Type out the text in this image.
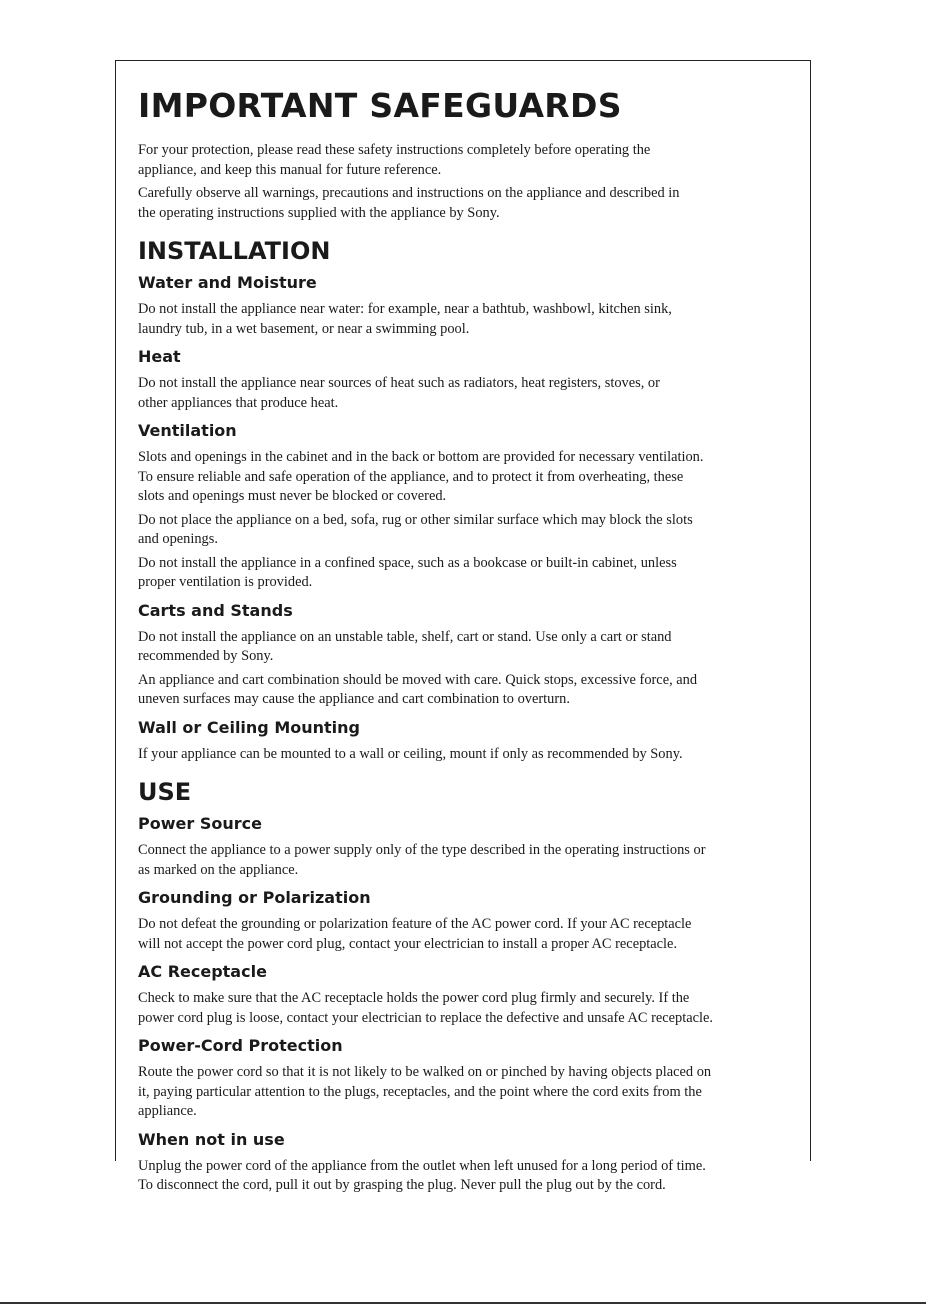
IMPORTANT SAFEGUARDS
For your protection, please read these safety instructions completely before operating the
appliance, and keep this manual for future reference.
Carefully observe all warnings, precautions and instructions on the appliance and described in
the operating instructions supplied with the appliance by Sony.
INSTALLATION
Water and Moisture
Do not install the appliance near water: for example, near a bathtub, washbowl, kitchen sink,
laundry tub, in a wet basement, or near a swimming pool.
Heat
Do not install the appliance near sources of heat such as radiators, heat registers, stoves, or
other appliances that produce heat.
Ventilation
Slots and openings in the cabinet and in the back or bottom are provided for necessary ventilation.
To ensure reliable and safe operation of the appliance, and to protect it from overheating, these
slots and openings must never be blocked or covered.
Do not place the appliance on a bed, sofa, rug or other similar surface which may block the slots
and openings.
Do not install the appliance in a confined space, such as a bookcase or built-in cabinet, unless
proper ventilation is provided.
Carts and Stands
Do not install the appliance on an unstable table, shelf, cart or stand. Use only a cart or stand
recommended by Sony.
An appliance and cart combination should be moved with care. Quick stops, excessive force, and
uneven surfaces may cause the appliance and cart combination to overturn.
Wall or Ceiling Mounting
If your appliance can be mounted to a wall or ceiling, mount if only as recommended by Sony.
USE
Power Source
Connect the appliance to a power supply only of the type described in the operating instructions or
as marked on the appliance.
Grounding or Polarization
Do not defeat the grounding or polarization feature of the AC power cord. If your AC receptacle
will not accept the power cord plug, contact your electrician to install a proper AC receptacle.
AC Receptacle
Check to make sure that the AC receptacle holds the power cord plug firmly and securely. If the
power cord plug is loose, contact your electrician to replace the defective and unsafe AC receptacle.
Power-Cord Protection
Route the power cord so that it is not likely to be walked on or pinched by having objects placed on
it, paying particular attention to the plugs, receptacles, and the point where the cord exits from the
appliance.
When not in use
Unplug the power cord of the appliance from the outlet when left unused for a long period of time.
To disconnect the cord, pull it out by grasping the plug. Never pull the plug out by the cord.
